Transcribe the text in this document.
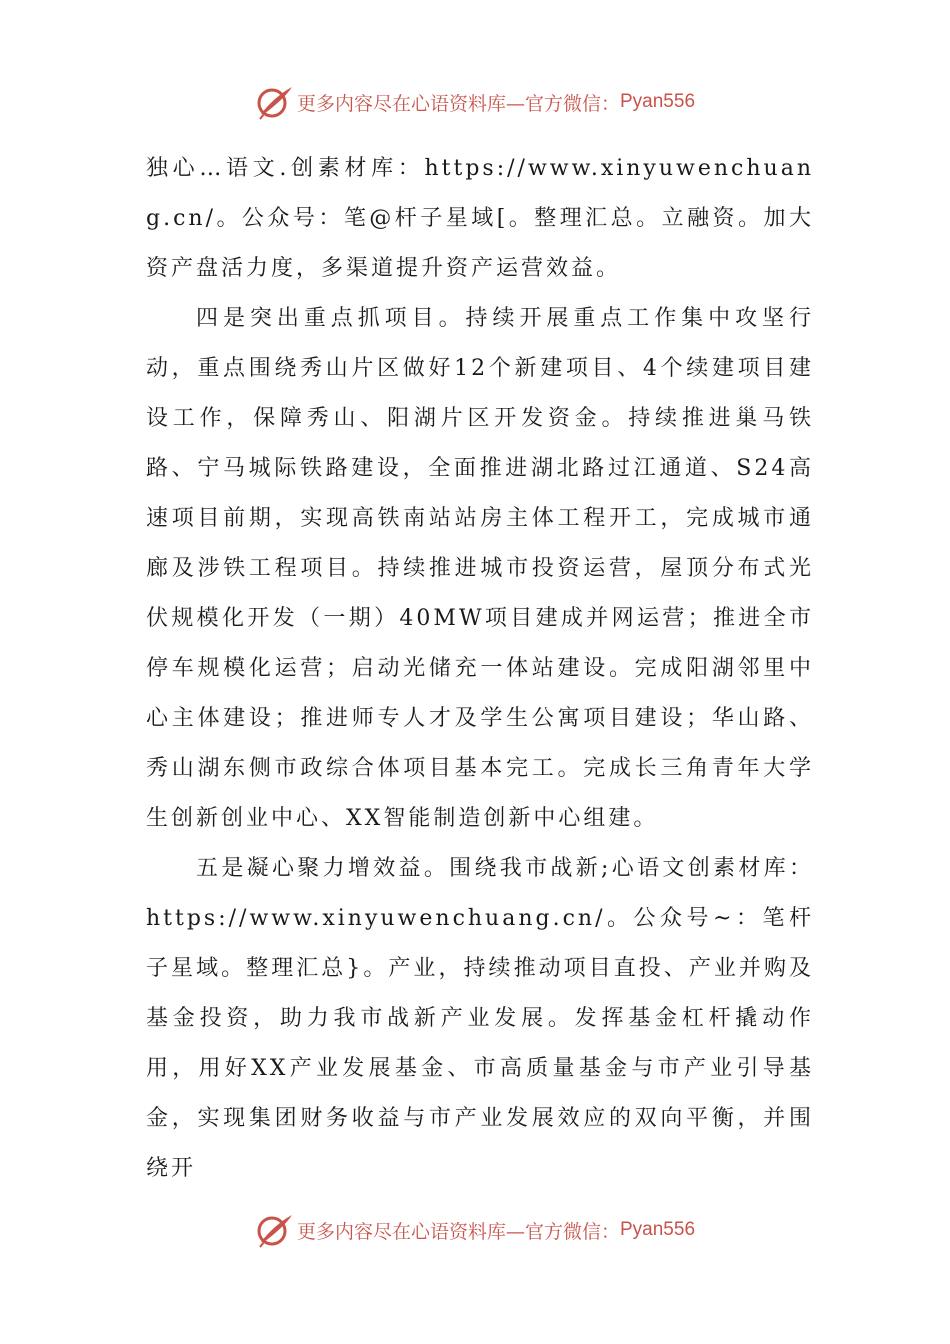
更多内容尽在心语资料库— 官方微信： Pyan556

独心…语文.创素材库：https://www.xinyuwenchuang.cn/。公众号：笔@杆子星域[。整理汇总。立融资。加大资产盘活力度，多渠道提升资产运营效益。

四是突出重点抓项目。持续开展重点工作集中攻坚行动，重点围绕秀山片区做好12个新建项目、4个续建项目建设工作，保障秀山、阳湖片区开发资金。持续推进巢马铁路、宁马城际铁路建设，全面推进湖北路过江通道、S24高速项目前期，实现高铁南站站房主体工程开工，完成城市通廊及涉铁工程项目。持续推进城市投资运营，屋顶分布式光伏规模化开发（一期）40MW项目建成并网运营；推进全市停车规模化运营；启动光储充一体站建设。完成阳湖邻里中心主体建设；推进师专人才及学生公寓项目建设；华山路、秀山湖东侧市政综合体项目基本完工。完成长三角青年大学生创新创业中心、XX智能制造创新中心组建。

五是凝心聚力增效益。围绕我市战新;心语文创素材库：https://www.xinyuwenchuang.cn/。公众号~：笔杆子星域。整理汇总}。产业，持续推动项目直投、产业并购及基金投资，助力我市战新产业发展。发挥基金杠杆撬动作用，用好XX产业发展基金、市高质量基金与市产业引导基金，实现集团财务收益与市产业发展效应的双向平衡，并围绕开

更多内容尽在心语资料库— 官方微信： Pyan556
